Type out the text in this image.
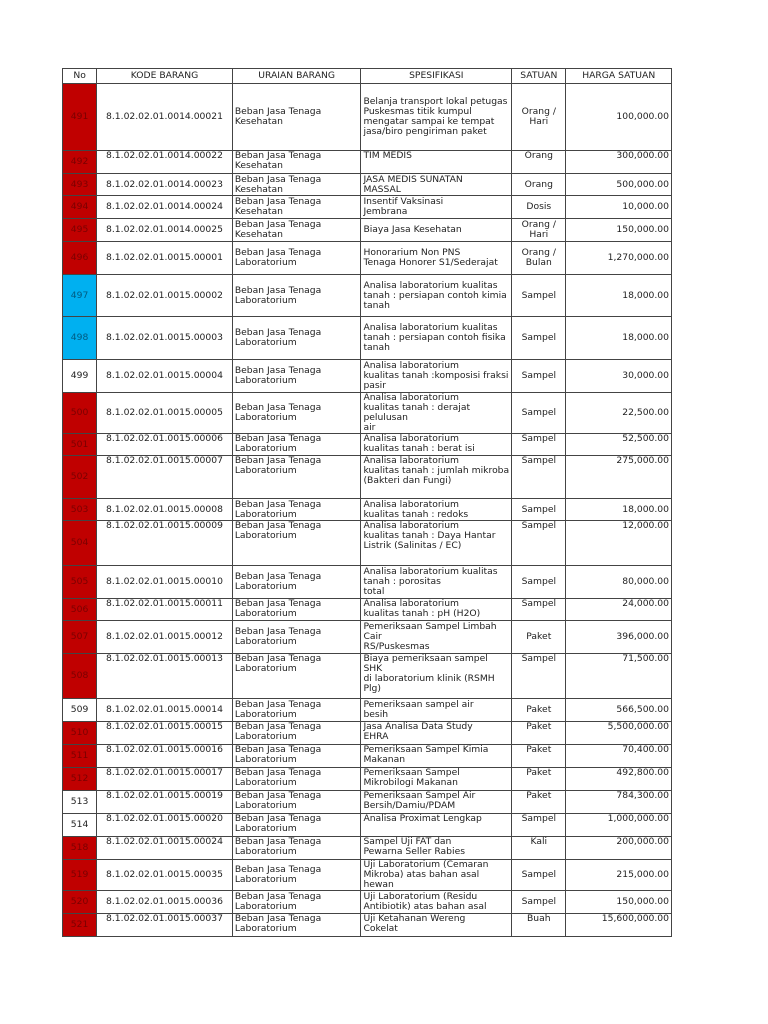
No	KODE BARANG	URAIAN BARANG	SPESIFIKASI	SATUAN	HARGA SATUAN
491	8.1.02.02.01.0014.00021	Beban Jasa Tenaga
Kesehatan	Belanja transport lokal petugas
Puskesmas titik kumpul
mengatar sampai ke tempat
jasa/biro pengiriman paket	Orang /
Hari	100,000.00
492	8.1.02.02.01.0014.00022	Beban Jasa Tenaga
Kesehatan	TIM MEDIS	Orang	300,000.00
493	8.1.02.02.01.0014.00023	Beban Jasa Tenaga
Kesehatan	JASA MEDIS SUNATAN
MASSAL	Orang	500,000.00
494	8.1.02.02.01.0014.00024	Beban Jasa Tenaga
Kesehatan	Insentif Vaksinasi
Jembrana	Dosis	10,000.00
495	8.1.02.02.01.0014.00025	Beban Jasa Tenaga
Kesehatan	Biaya Jasa Kesehatan	Orang /
Hari	150,000.00
496	8.1.02.02.01.0015.00001	Beban Jasa Tenaga
Laboratorium	Honorarium Non PNS
Tenaga Honorer S1/Sederajat	Orang /
Bulan	1,270,000.00
497	8.1.02.02.01.0015.00002	Beban Jasa Tenaga
Laboratorium	Analisa laboratorium kualitas
tanah : persiapan contoh kimia
tanah	Sampel	18,000.00
498	8.1.02.02.01.0015.00003	Beban Jasa Tenaga
Laboratorium	Analisa laboratorium kualitas
tanah : persiapan contoh fisika
tanah	Sampel	18,000.00
499	8.1.02.02.01.0015.00004	Beban Jasa Tenaga
Laboratorium	Analisa laboratorium
kualitas tanah :komposisi fraksi
pasir	Sampel	30,000.00
500	8.1.02.02.01.0015.00005	Beban Jasa Tenaga
Laboratorium	Analisa laboratorium
kualitas tanah : derajat pelulusan
air	Sampel	22,500.00
501	8.1.02.02.01.0015.00006	Beban Jasa Tenaga
Laboratorium	Analisa laboratorium
kualitas tanah : berat isi	Sampel	52,500.00
502	8.1.02.02.01.0015.00007	Beban Jasa Tenaga
Laboratorium	Analisa laboratorium
kualitas tanah : jumlah mikroba
(Bakteri dan Fungi)	Sampel	275,000.00
503	8.1.02.02.01.0015.00008	Beban Jasa Tenaga
Laboratorium	Analisa laboratorium
kualitas tanah : redoks	Sampel	18,000.00
504	8.1.02.02.01.0015.00009	Beban Jasa Tenaga
Laboratorium	Analisa laboratorium
kualitas tanah : Daya Hantar
Listrik (Salinitas / EC)	Sampel	12,000.00
505	8.1.02.02.01.0015.00010	Beban Jasa Tenaga
Laboratorium	Analisa laboratorium kualitas
tanah : porositas
total	Sampel	80,000.00
506	8.1.02.02.01.0015.00011	Beban Jasa Tenaga
Laboratorium	Analisa laboratorium
kualitas tanah : pH (H2O)	Sampel	24,000.00
507	8.1.02.02.01.0015.00012	Beban Jasa Tenaga
Laboratorium	Pemeriksaan Sampel Limbah
Cair
RS/Puskesmas	Paket	396,000.00
508	8.1.02.02.01.0015.00013	Beban Jasa Tenaga
Laboratorium	Biaya pemeriksaan sampel SHK
di laboratorium klinik (RSMH Plg)	Sampel	71,500.00
509	8.1.02.02.01.0015.00014	Beban Jasa Tenaga
Laboratorium	Pemeriksaan sampel air
besih	Paket	566,500.00
510	8.1.02.02.01.0015.00015	Beban Jasa Tenaga
Laboratorium	Jasa Analisa Data Study
EHRA	Paket	5,500,000.00
511	8.1.02.02.01.0015.00016	Beban Jasa Tenaga
Laboratorium	Pemeriksaan Sampel Kimia
Makanan	Paket	70,400.00
512	8.1.02.02.01.0015.00017	Beban Jasa Tenaga
Laboratorium	Pemeriksaan Sampel
Mikrobilogi Makanan	Paket	492,800.00
513	8.1.02.02.01.0015.00019	Beban Jasa Tenaga
Laboratorium	Pemeriksaan Sampel Air
Bersih/Damiu/PDAM	Paket	784,300.00
514	8.1.02.02.01.0015.00020	Beban Jasa Tenaga
Laboratorium	Analisa Proximat Lengkap	Sampel	1,000,000.00
518	8.1.02.02.01.0015.00024	Beban Jasa Tenaga
Laboratorium	Sampel Uji FAT dan
Pewarna Seller Rabies	Kali	200,000.00
519	8.1.02.02.01.0015.00035	Beban Jasa Tenaga
Laboratorium	Uji Laboratorium (Cemaran
Mikroba) atas bahan asal hewan	Sampel	215,000.00
520	8.1.02.02.01.0015.00036	Beban Jasa Tenaga
Laboratorium	Uji Laboratorium (Residu
Antibiotik) atas bahan asal	Sampel	150,000.00
521	8.1.02.02.01.0015.00037	Beban Jasa Tenaga
Laboratorium	Uji Ketahanan Wereng
Cokelat	Buah	15,600,000.00
